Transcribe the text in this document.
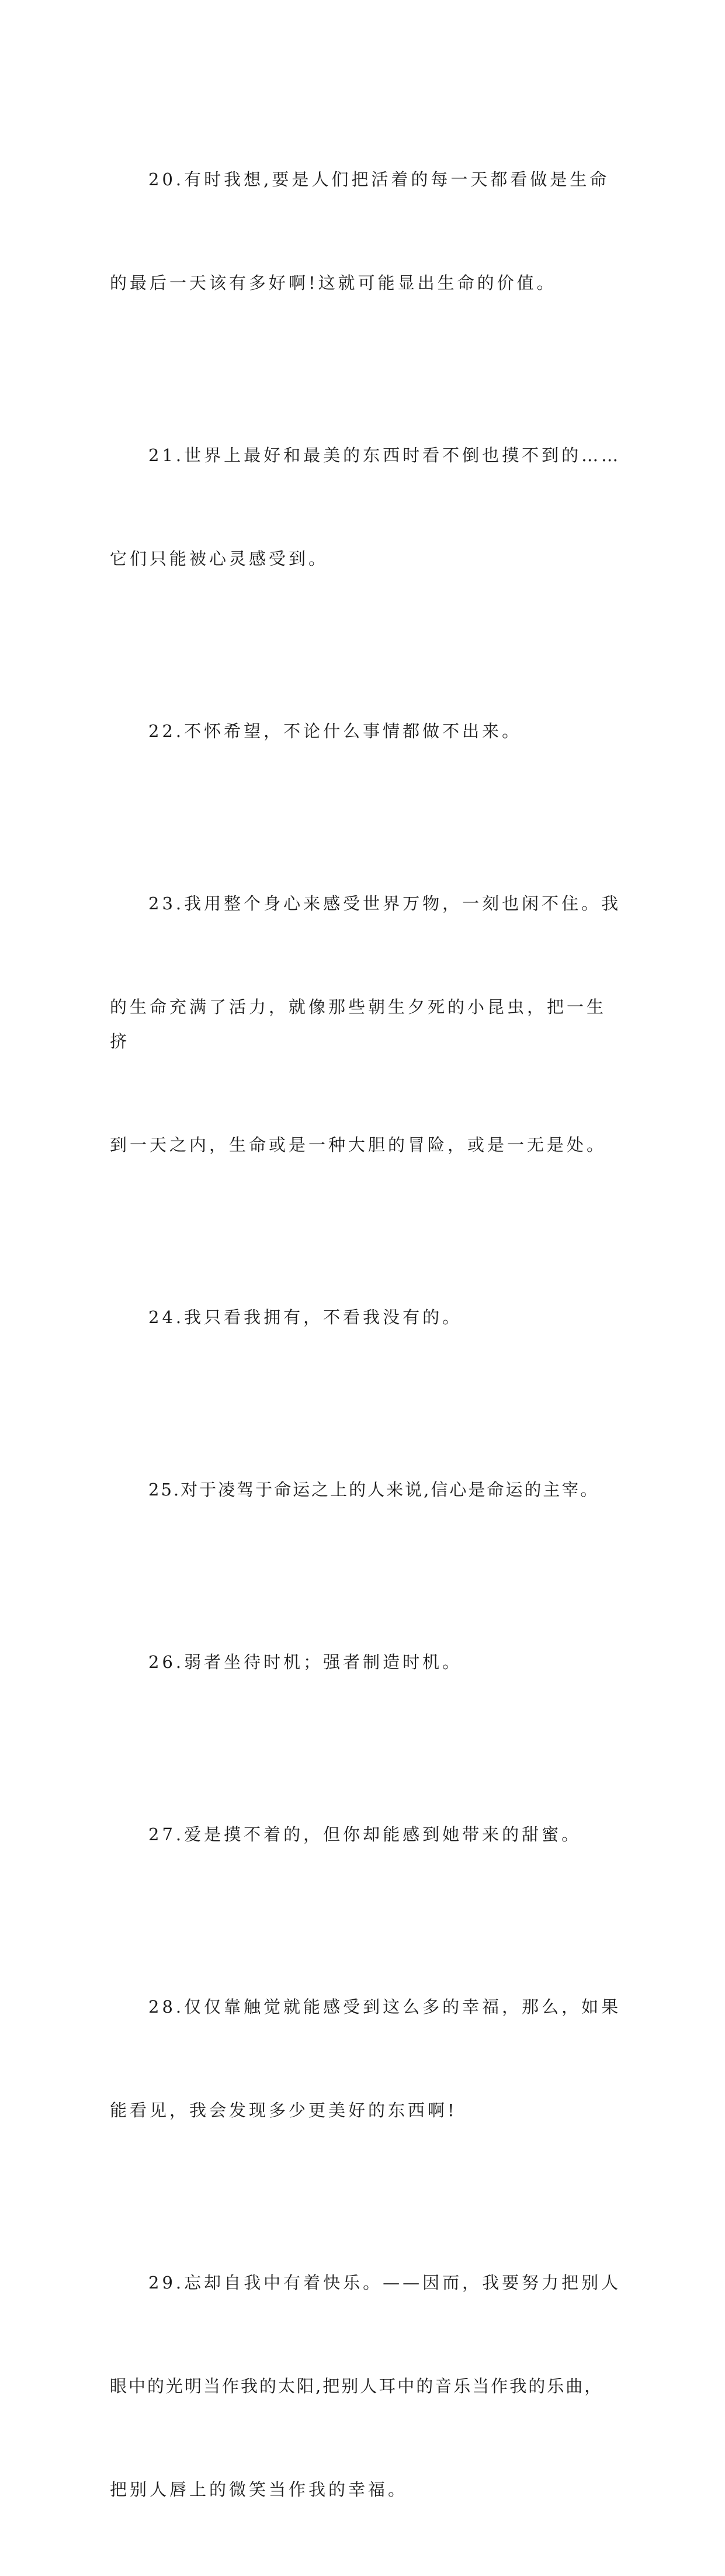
20.有时我想,要是人们把活着的每一天都看做是生命

的最后一天该有多好啊!这就可能显出生命的价值。

21.世界上最好和最美的东西时看不倒也摸不到的……

它们只能被心灵感受到。

22.不怀希望，不论什么事情都做不出来。

23.我用整个身心来感受世界万物，一刻也闲不住。我

的生命充满了活力，就像那些朝生夕死的小昆虫，把一生挤

到一天之内，生命或是一种大胆的冒险，或是一无是处。

24.我只看我拥有，不看我没有的。

25.对于凌驾于命运之上的人来说,信心是命运的主宰。

26.弱者坐待时机；强者制造时机。

27.爱是摸不着的，但你却能感到她带来的甜蜜。

28.仅仅靠触觉就能感受到这么多的幸福，那么，如果

能看见，我会发现多少更美好的东西啊!

29.忘却自我中有着快乐。——因而，我要努力把别人

眼中的光明当作我的太阳,把别人耳中的音乐当作我的乐曲，

把别人唇上的微笑当作我的幸福。
